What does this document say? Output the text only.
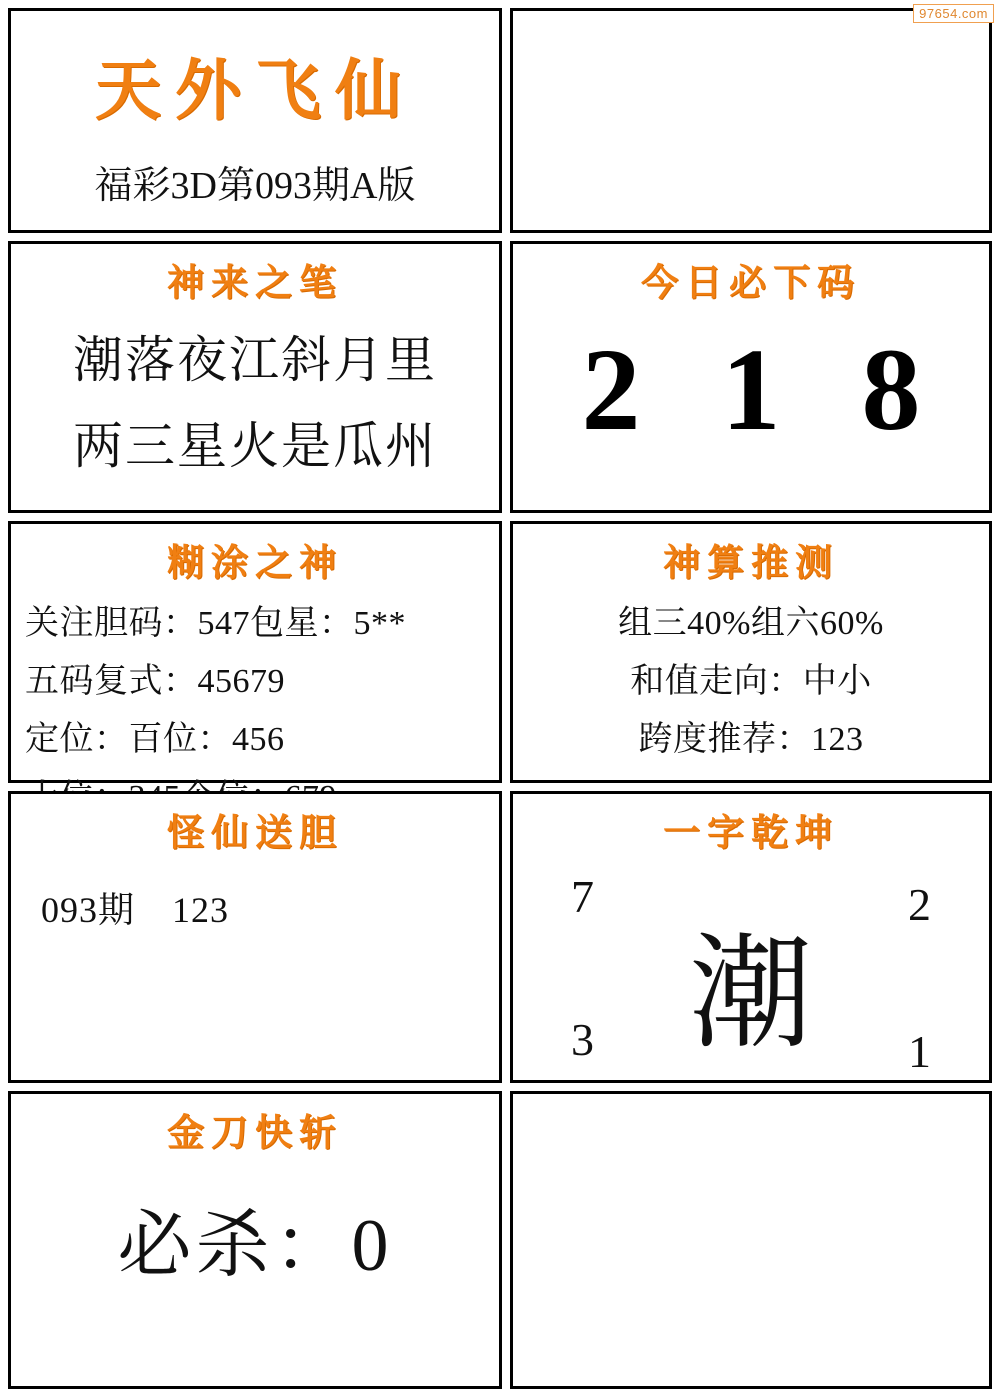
97654.com
天外飞仙
福彩3D第093期A版
神来之笔
潮落夜江斜月里
两三星火是瓜州
今日必下码
2 1 8
糊涂之神
关注胆码：547包星：5**
五码复式：45679
定位：百位：456
神算推测
组三40%组六60%
和值走向：中小
跨度推荐：123
怪仙送胆
093期　123
一字乾坤
7	2
潮
3	1
金刀快斩
必杀：0
